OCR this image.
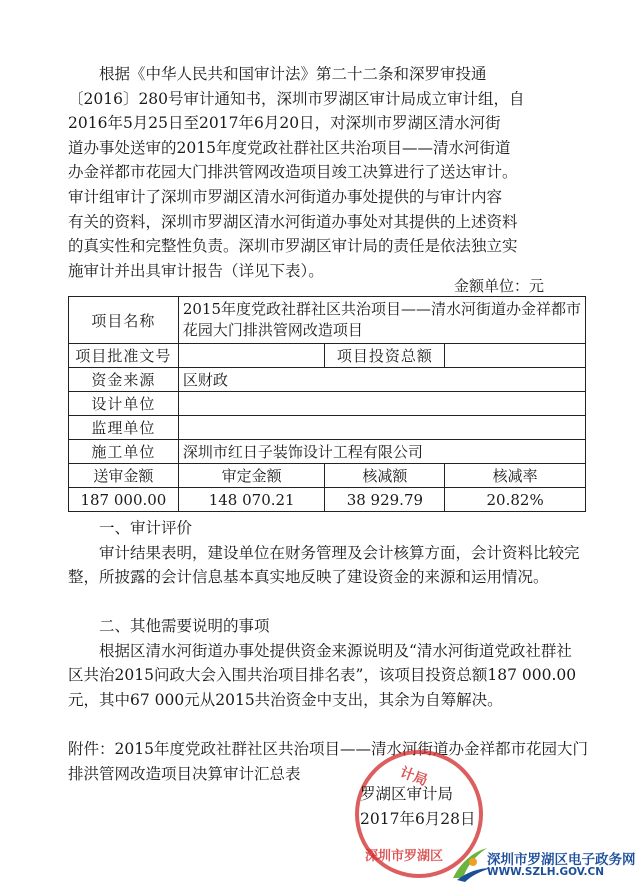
根据《中华人民共和国审计法》第二十二条和深罗审投通

〔2016〕280号审计通知书，深圳市罗湖区审计局成立审计组，自

2016年5月25日至2017年6月20日，对深圳市罗湖区清水河街

道办事处送审的2015年度党政社群社区共治项目——清水河街道

办金祥都市花园大门排洪管网改造项目竣工决算进行了送达审计。

审计组审计了深圳市罗湖区清水河街道办事处提供的与审计内容

有关的资料，深圳市罗湖区清水河街道办事处对其提供的上述资料

的真实性和完整性负责。深圳市罗湖区审计局的责任是依法独立实

施审计并出具审计报告（详见下表）。

金额单位：元
项目名称	2015年度党政社群社区共治项目——清水河街道办金祥都市花园大门排洪管网改造项目		
项目批准文号		项目投资总额	
资金来源	区财政		
设计单位			
监理单位			
施工单位	深圳市红日子装饰设计工程有限公司		
送审金额	审定金额	核减额	核减率
187 000.00	148 070.21	38 929.79	20.82%

一、审计评价

审计结果表明，建设单位在财务管理及会计核算方面，会计资料比较完整，所披露的会计信息基本真实地反映了建设资金的来源和运用情况。

二、其他需要说明的事项

根据区清水河街道办事处提供资金来源说明及“清水河街道党政社群社区共治2015问政大会入围共治项目排名表”，该项目投资总额187 000.00元，其中67 000元从2015共治资金中支出，其余为自筹解决。

附件：2015年度党政社群社区共治项目——清水河街道办金祥都市花园大门排洪管网改造项目决算审计汇总表	计局
深圳市罗湖区
罗湖区审计局
2017年6月28日
深圳市罗湖区电子政务网
WWW.SZLH.GOV.CN
